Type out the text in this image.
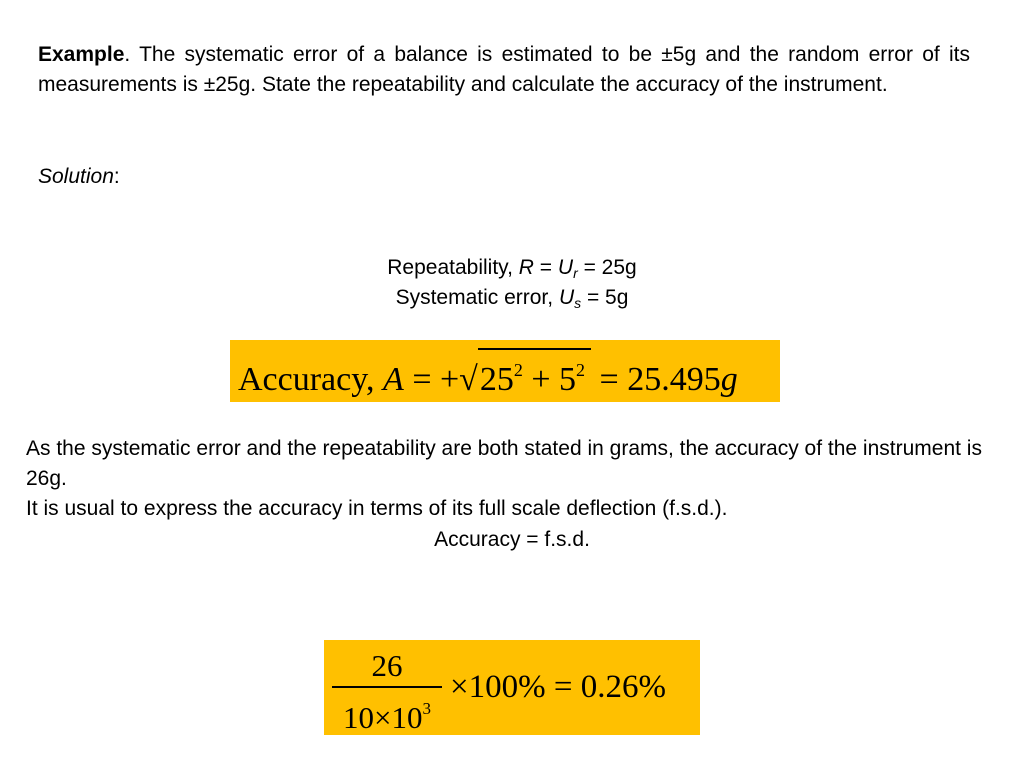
Example. The systematic error of a balance is estimated to be ±5g and the random error of its measurements is ±25g. State the repeatability and calculate the accuracy of the instrument.
Solution:
Repeatability, $R = U_r = 25g$
Systematic error, $U_s = 5g$
Accuracy, $A = +√25^2 + 5^2 = 25.495g$
As the systematic error and the repeatability are both stated in grams, the accuracy of the instrument is 26g.
It is usual to express the accuracy in terms of its full scale deflection (f.s.d.).
Accuracy = f.s.d.
$\frac{26}{10\times 10^3} \times 100\% = 0.26\%$
